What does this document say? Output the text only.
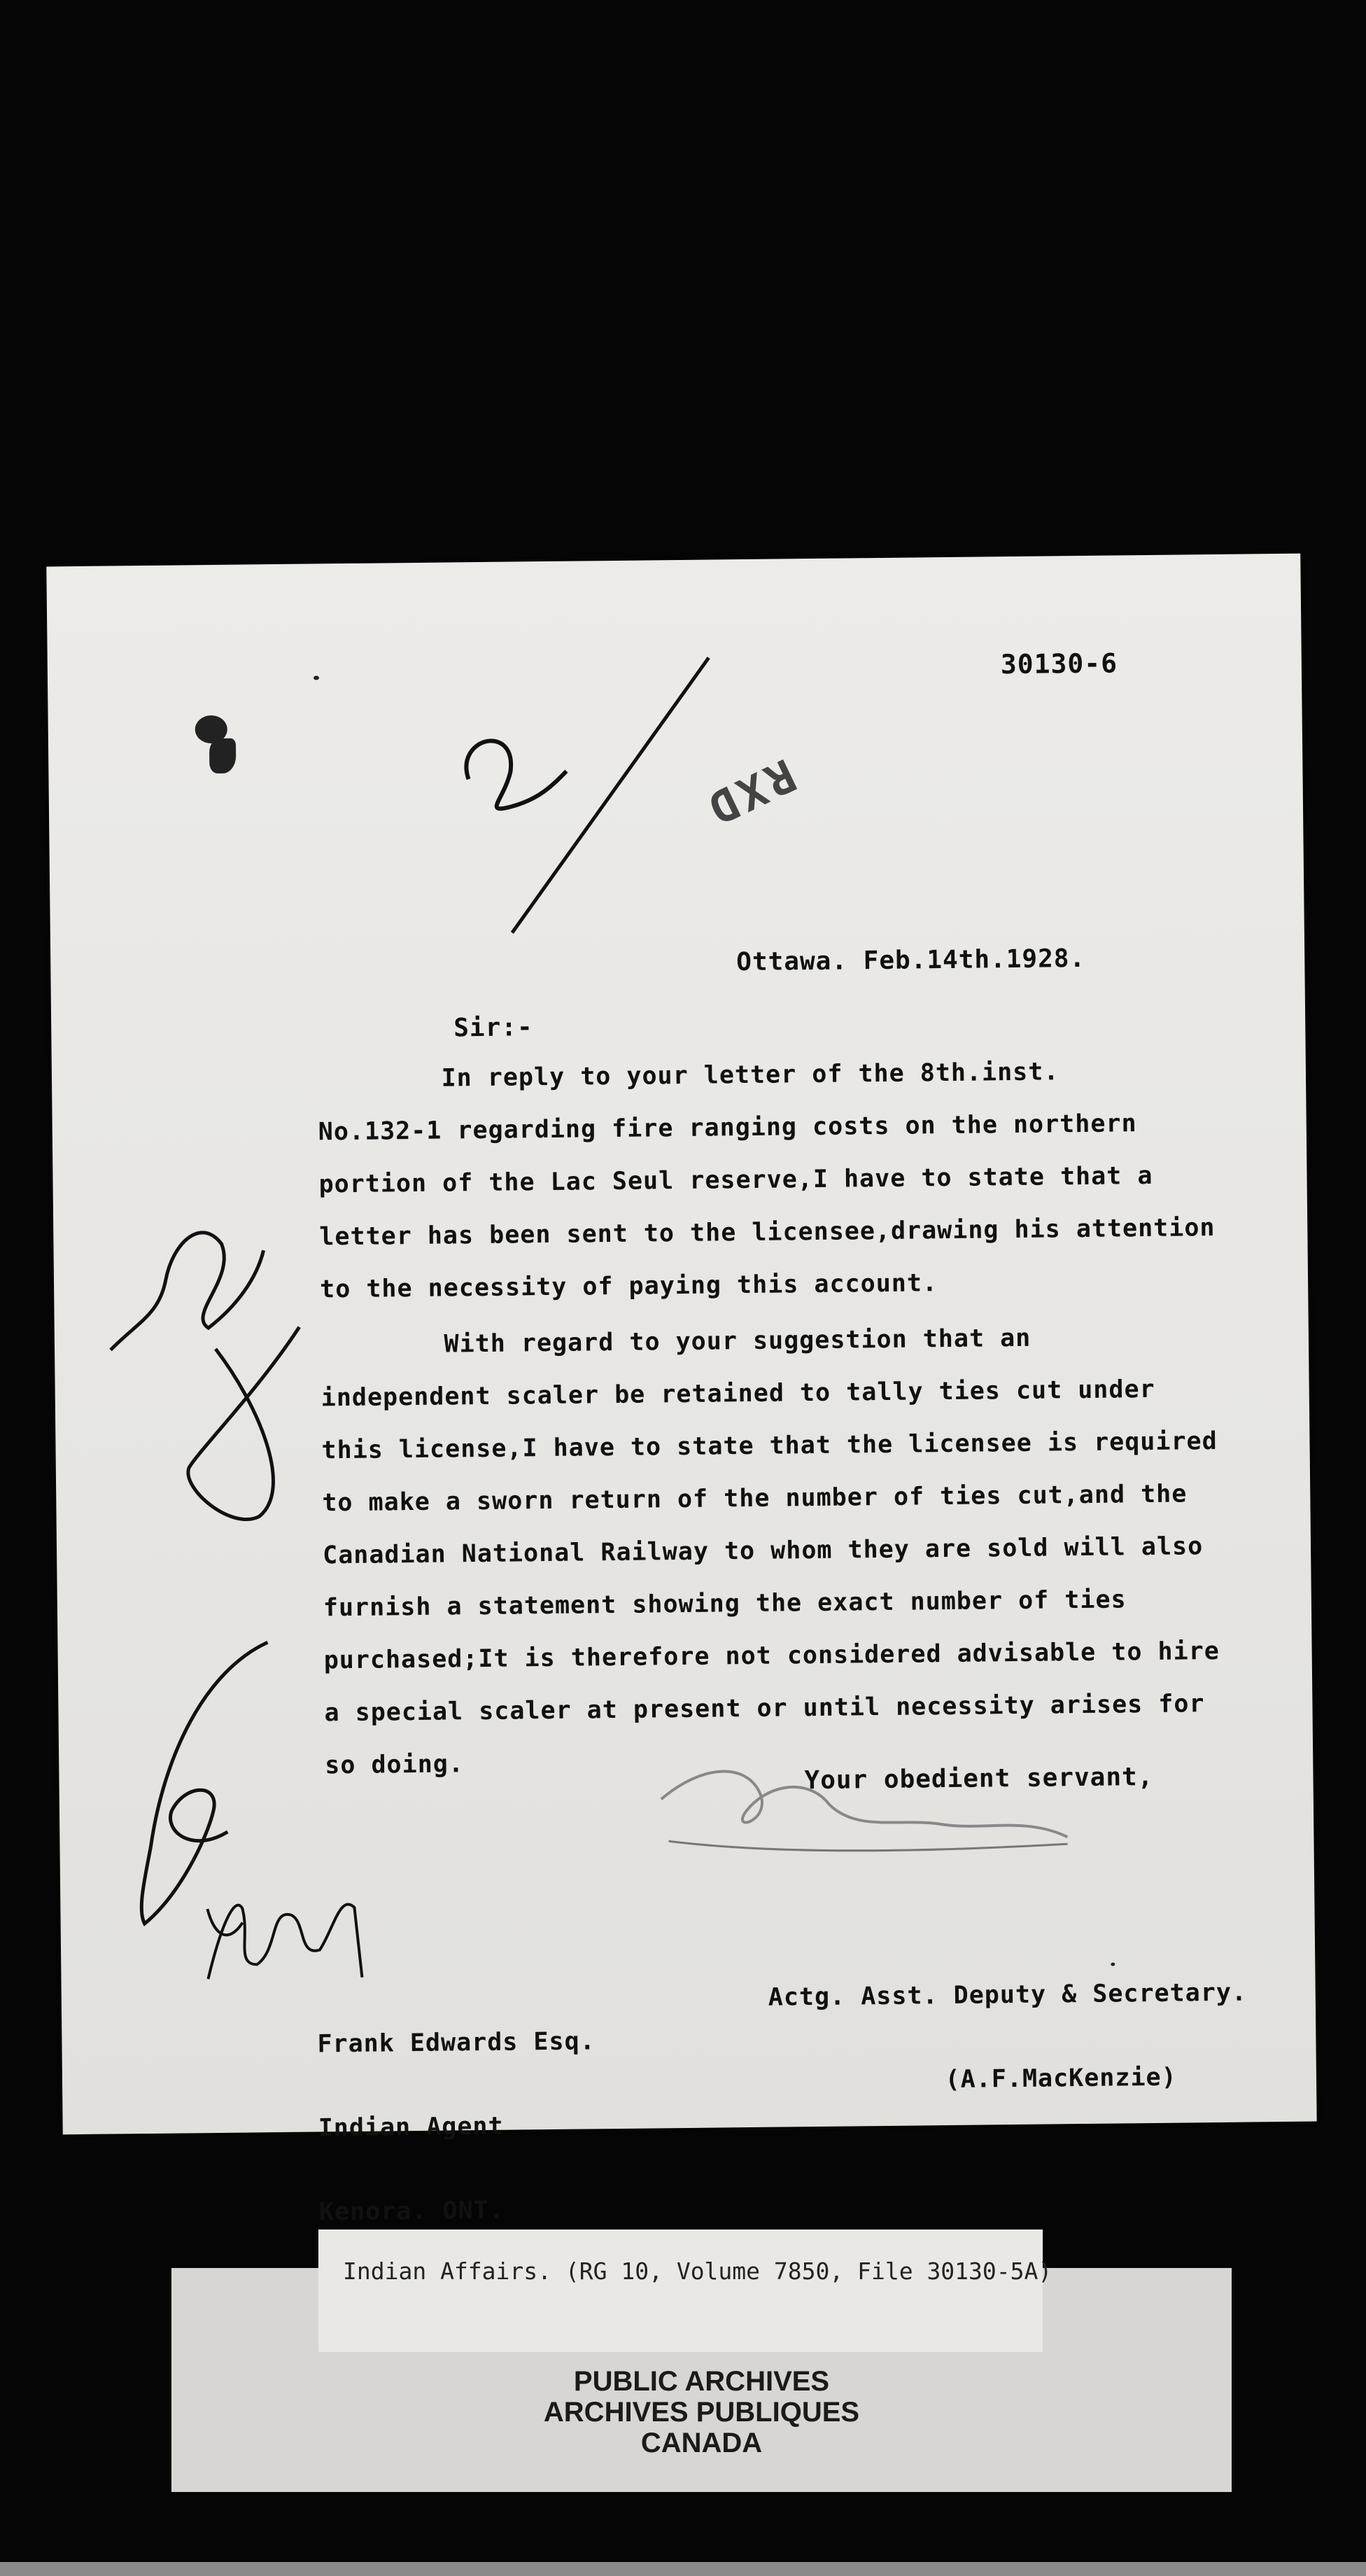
30130-6
RXD
Ottawa. Feb.14th.1928.
​
Sir:-
In reply to your letter of the 8th.inst.
No.132-1 regarding fire ranging costs on the northern
portion of the Lac Seul reserve,I have to state that a
letter has been sent to the licensee,drawing his attention
to the necessity of paying this account.
With regard to your suggestion that an
independent scaler be retained to tally ties cut under
this license,I have to state that the licensee is required
to make a sworn return of the number of ties cut,and the
Canadian National Railway to whom they are sold will also
furnish a statement showing the exact number of ties
purchased;It is therefore not considered advisable to hire
a special scaler at present or until necessity arises for
so doing.	Your obedient servant,

Actg. Asst. Deputy & Secretary.

(A.F.MacKenzie)

Frank Edwards Esq.

Indian Agent

Kenora. ONT.

PUBLIC ARCHIVES
ARCHIVES PUBLIQUES
CANADA
Indian Affairs. (RG 10, Volume 7850, File 30130-5A)
